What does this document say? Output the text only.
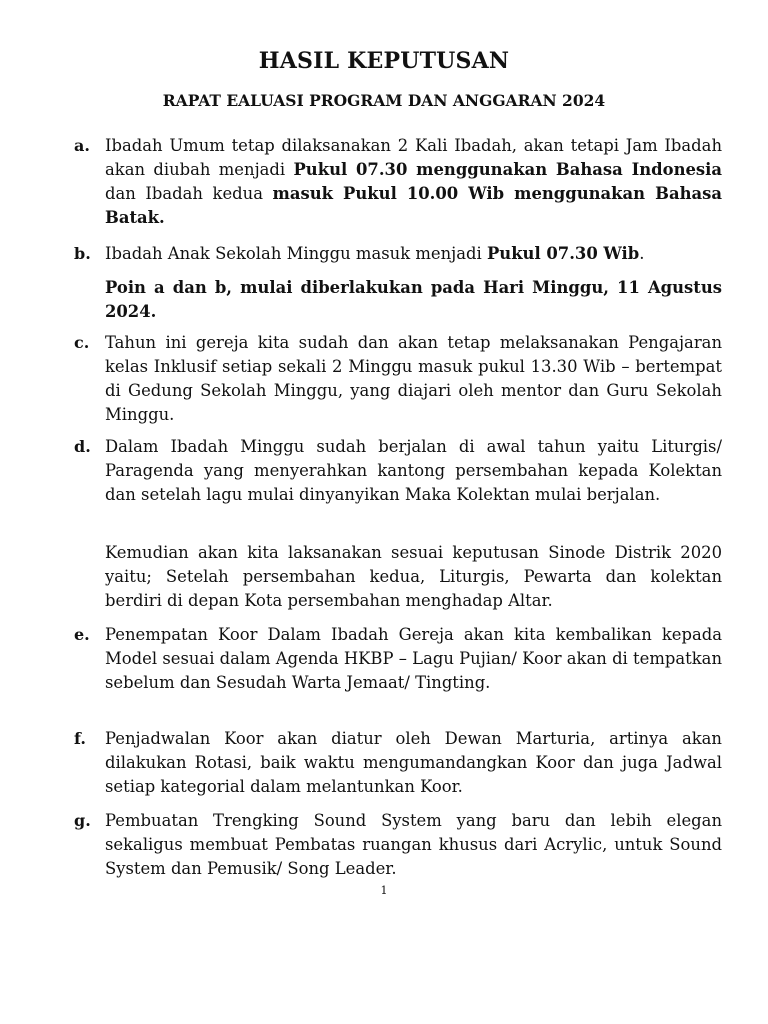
HASIL KEPUTUSAN
RAPAT EALUASI PROGRAM DAN ANGGARAN 2024
a. Ibadah Umum tetap dilaksanakan 2 Kali Ibadah, akan tetapi Jam Ibadah akan diubah menjadi Pukul 07.30 menggunakan Bahasa Indonesia dan Ibadah kedua masuk Pukul 10.00 Wib menggunakan Bahasa Batak.
b. Ibadah Anak Sekolah Minggu masuk menjadi Pukul 07.30 Wib.
Poin a dan b, mulai diberlakukan pada Hari Minggu, 11 Agustus 2024.
c. Tahun ini gereja kita sudah dan akan tetap melaksanakan Pengajaran kelas Inklusif setiap sekali 2 Minggu masuk pukul 13.30 Wib – bertempat di Gedung Sekolah Minggu, yang diajari oleh mentor dan Guru Sekolah Minggu.
d. Dalam Ibadah Minggu sudah berjalan di awal tahun yaitu Liturgis/ Paragenda yang menyerahkan kantong persembahan kepada Kolektan dan setelah lagu mulai dinyanyikan Maka Kolektan mulai berjalan.
Kemudian akan kita laksanakan sesuai keputusan Sinode Distrik 2020 yaitu; Setelah persembahan kedua, Liturgis, Pewarta dan kolektan berdiri di depan Kota persembahan menghadap Altar.
e. Penempatan Koor Dalam Ibadah Gereja akan kita kembalikan kepada Model sesuai dalam Agenda HKBP – Lagu Pujian/ Koor akan di tempatkan sebelum dan Sesudah Warta Jemaat/ Tingting.
f.	Penjadwalan Koor akan diatur oleh Dewan Marturia, artinya akan dilakukan Rotasi, baik waktu mengumandangkan Koor dan juga Jadwal setiap kategorial dalam melantunkan Koor.
g. Pembuatan Trengking Sound System yang baru dan lebih elegan sekaligus membuat Pembatas ruangan khusus dari Acrylic, untuk Sound System dan Pemusik/ Song Leader.
1
